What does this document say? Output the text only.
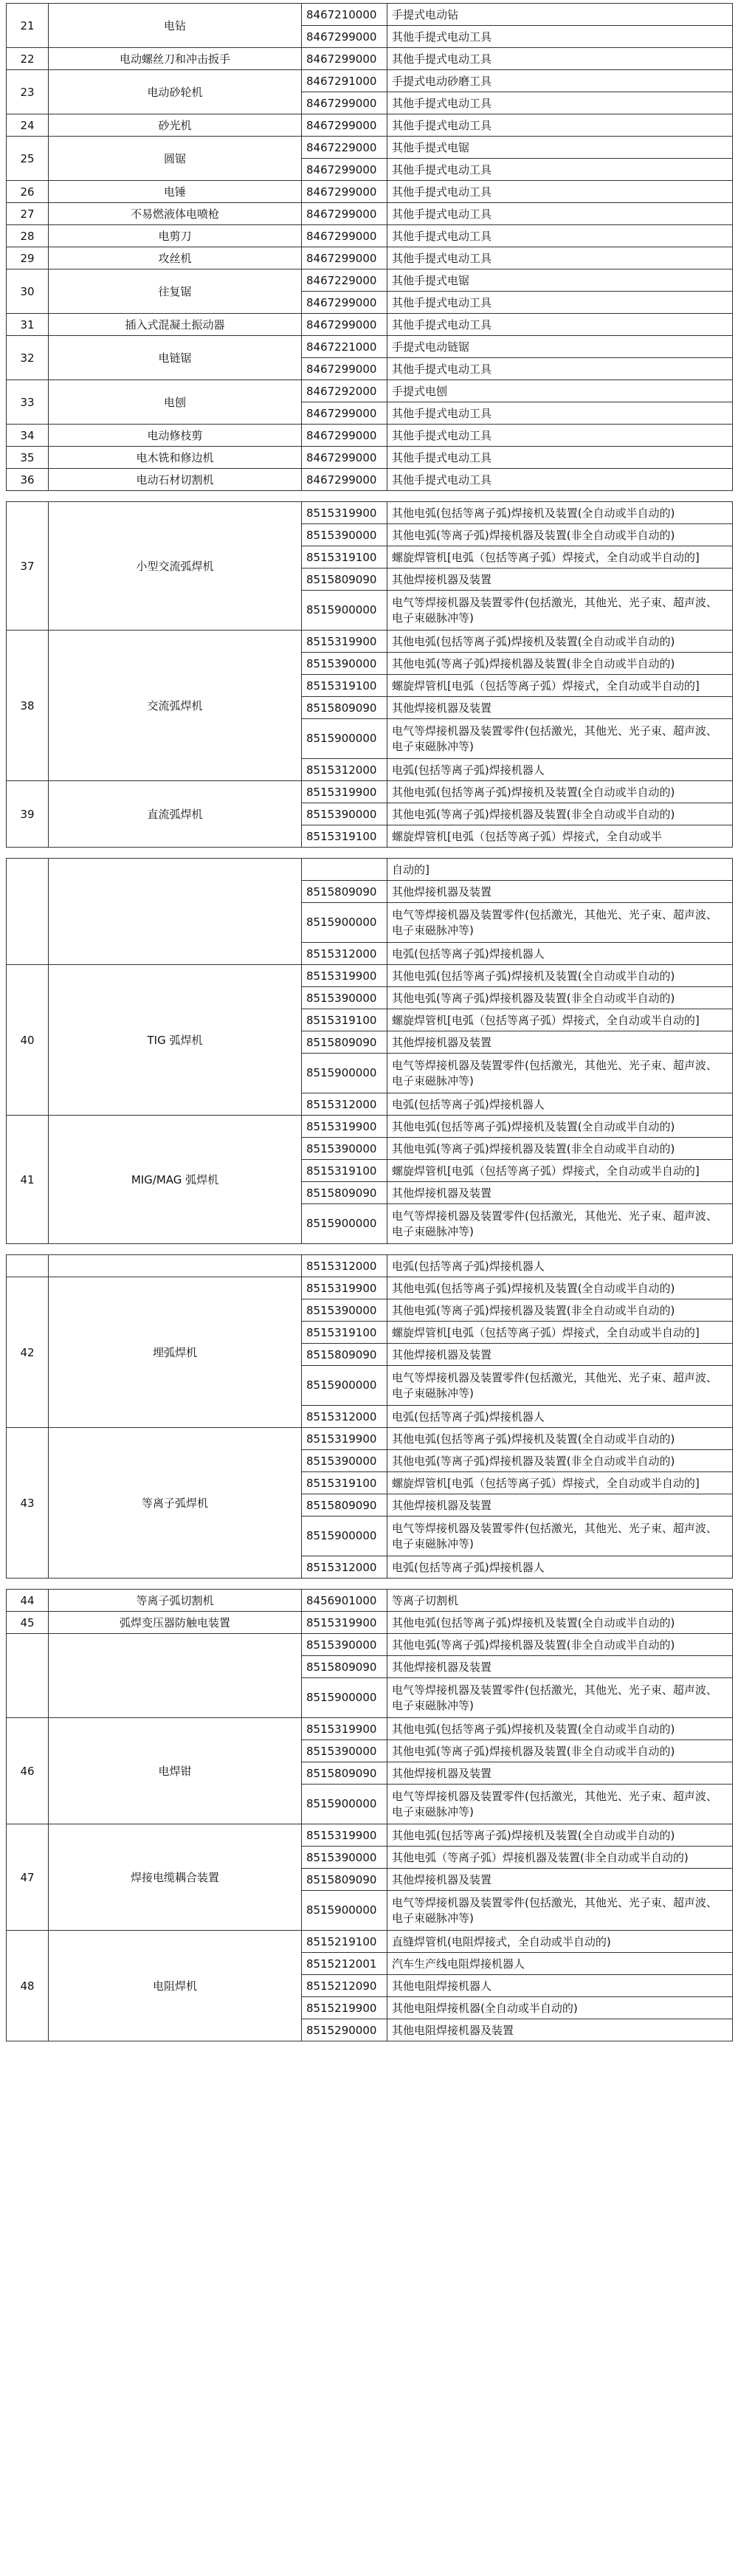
21	电钻	8467210000	手提式电动钻
		8467299000	其他手提式电动工具
22	电动螺丝刀和冲击扳手	8467299000	其他手提式电动工具
23	电动砂轮机	8467291000	手提式电动砂磨工具
		8467299000	其他手提式电动工具
24	砂光机	8467299000	其他手提式电动工具
25	圆锯	8467229000	其他手提式电锯
		8467299000	其他手提式电动工具
26	电锤	8467299000	其他手提式电动工具
27	不易燃液体电喷枪	8467299000	其他手提式电动工具
28	电剪刀	8467299000	其他手提式电动工具
29	攻丝机	8467299000	其他手提式电动工具
30	往复锯	8467229000	其他手提式电锯
		8467299000	其他手提式电动工具
31	插入式混凝土振动器	8467299000	其他手提式电动工具
32	电链锯	8467221000	手提式电动链锯
		8467299000	其他手提式电动工具
33	电刨	8467292000	手提式电刨
		8467299000	其他手提式电动工具
34	电动修枝剪	8467299000	其他手提式电动工具
35	电木铣和修边机	8467299000	其他手提式电动工具
36	电动石材切割机	8467299000	其他手提式电动工具
37	小型交流弧焊机	8515319900	其他电弧(包括等离子弧)焊接机及装置(全自动或半自动的)
		8515390000	其他电弧(等离子弧)焊接机器及装置(非全自动或半自动的)
		8515319100	螺旋焊管机[电弧（包括等离子弧）焊接式，全自动或半自动的]
		8515809090	其他焊接机器及装置
		8515900000	电气等焊接机器及装置零件(包括激光，其他光、光子束、超声波、电子束磁脉冲等)
38	交流弧焊机	8515319900	其他电弧(包括等离子弧)焊接机及装置(全自动或半自动的)
		8515390000	其他电弧(等离子弧)焊接机器及装置(非全自动或半自动的)
		8515319100	螺旋焊管机[电弧（包括等离子弧）焊接式，全自动或半自动的]
		8515809090	其他焊接机器及装置
		8515900000	电气等焊接机器及装置零件(包括激光，其他光、光子束、超声波、电子束磁脉冲等)
		8515312000	电弧(包括等离子弧)焊接机器人
39	直流弧焊机	8515319900	其他电弧(包括等离子弧)焊接机及装置(全自动或半自动的)
		8515390000	其他电弧(等离子弧)焊接机器及装置(非全自动或半自动的)
		8515319100	螺旋焊管机[电弧（包括等离子弧）焊接式，全自动或半
			自动的]
		8515809090	其他焊接机器及装置
		8515900000	电气等焊接机器及装置零件(包括激光，其他光、光子束、超声波、电子束磁脉冲等)
		8515312000	电弧(包括等离子弧)焊接机器人
40	TIG 弧焊机	8515319900	其他电弧(包括等离子弧)焊接机及装置(全自动或半自动的)
		8515390000	其他电弧(等离子弧)焊接机器及装置(非全自动或半自动的)
		8515319100	螺旋焊管机[电弧（包括等离子弧）焊接式，全自动或半自动的]
		8515809090	其他焊接机器及装置
		8515900000	电气等焊接机器及装置零件(包括激光，其他光、光子束、超声波、电子束磁脉冲等)
		8515312000	电弧(包括等离子弧)焊接机器人
41	MIG/MAG 弧焊机	8515319900	其他电弧(包括等离子弧)焊接机及装置(全自动或半自动的)
		8515390000	其他电弧(等离子弧)焊接机器及装置(非全自动或半自动的)
		8515319100	螺旋焊管机[电弧（包括等离子弧）焊接式，全自动或半自动的]
		8515809090	其他焊接机器及装置
		8515900000	电气等焊接机器及装置零件(包括激光，其他光、光子束、超声波、电子束磁脉冲等)
		8515312000	电弧(包括等离子弧)焊接机器人
42	埋弧焊机	8515319900	其他电弧(包括等离子弧)焊接机及装置(全自动或半自动的)
		8515390000	其他电弧(等离子弧)焊接机器及装置(非全自动或半自动的)
		8515319100	螺旋焊管机[电弧（包括等离子弧）焊接式，全自动或半自动的]
		8515809090	其他焊接机器及装置
		8515900000	电气等焊接机器及装置零件(包括激光，其他光、光子束、超声波、电子束磁脉冲等)
		8515312000	电弧(包括等离子弧)焊接机器人
43	等离子弧焊机	8515319900	其他电弧(包括等离子弧)焊接机及装置(全自动或半自动的)
		8515390000	其他电弧(等离子弧)焊接机器及装置(非全自动或半自动的)
		8515319100	螺旋焊管机[电弧（包括等离子弧）焊接式，全自动或半自动的]
		8515809090	其他焊接机器及装置
		8515900000	电气等焊接机器及装置零件(包括激光，其他光、光子束、超声波、电子束磁脉冲等)
		8515312000	电弧(包括等离子弧)焊接机器人
44	等离子弧切割机	8456901000	等离子切割机
45	弧焊变压器防触电装置	8515319900	其他电弧(包括等离子弧)焊接机及装置(全自动或半自动的)
		8515390000	其他电弧(等离子弧)焊接机器及装置(非全自动或半自动的)
		8515809090	其他焊接机器及装置
		8515900000	电气等焊接机器及装置零件(包括激光，其他光、光子束、超声波、电子束磁脉冲等)
46	电焊钳	8515319900	其他电弧(包括等离子弧)焊接机及装置(全自动或半自动的)
		8515390000	其他电弧(等离子弧)焊接机器及装置(非全自动或半自动的)
		8515809090	其他焊接机器及装置
		8515900000	电气等焊接机器及装置零件(包括激光，其他光、光子束、超声波、电子束磁脉冲等)
47	焊接电缆耦合装置	8515319900	其他电弧(包括等离子弧)焊接机及装置(全自动或半自动的)
		8515390000	其他电弧（等离子弧）焊接机器及装置(非全自动或半自动的)
		8515809090	其他焊接机器及装置
		8515900000	电气等焊接机器及装置零件(包括激光，其他光、光子束、超声波、电子束磁脉冲等)
48	电阻焊机	8515219100	直缝焊管机(电阻焊接式，全自动或半自动的)
		8515212001	汽车生产线电阻焊接机器人
		8515212090	其他电阻焊接机器人
		8515219900	其他电阻焊接机器(全自动或半自动的)
		8515290000	其他电阻焊接机器及装置
